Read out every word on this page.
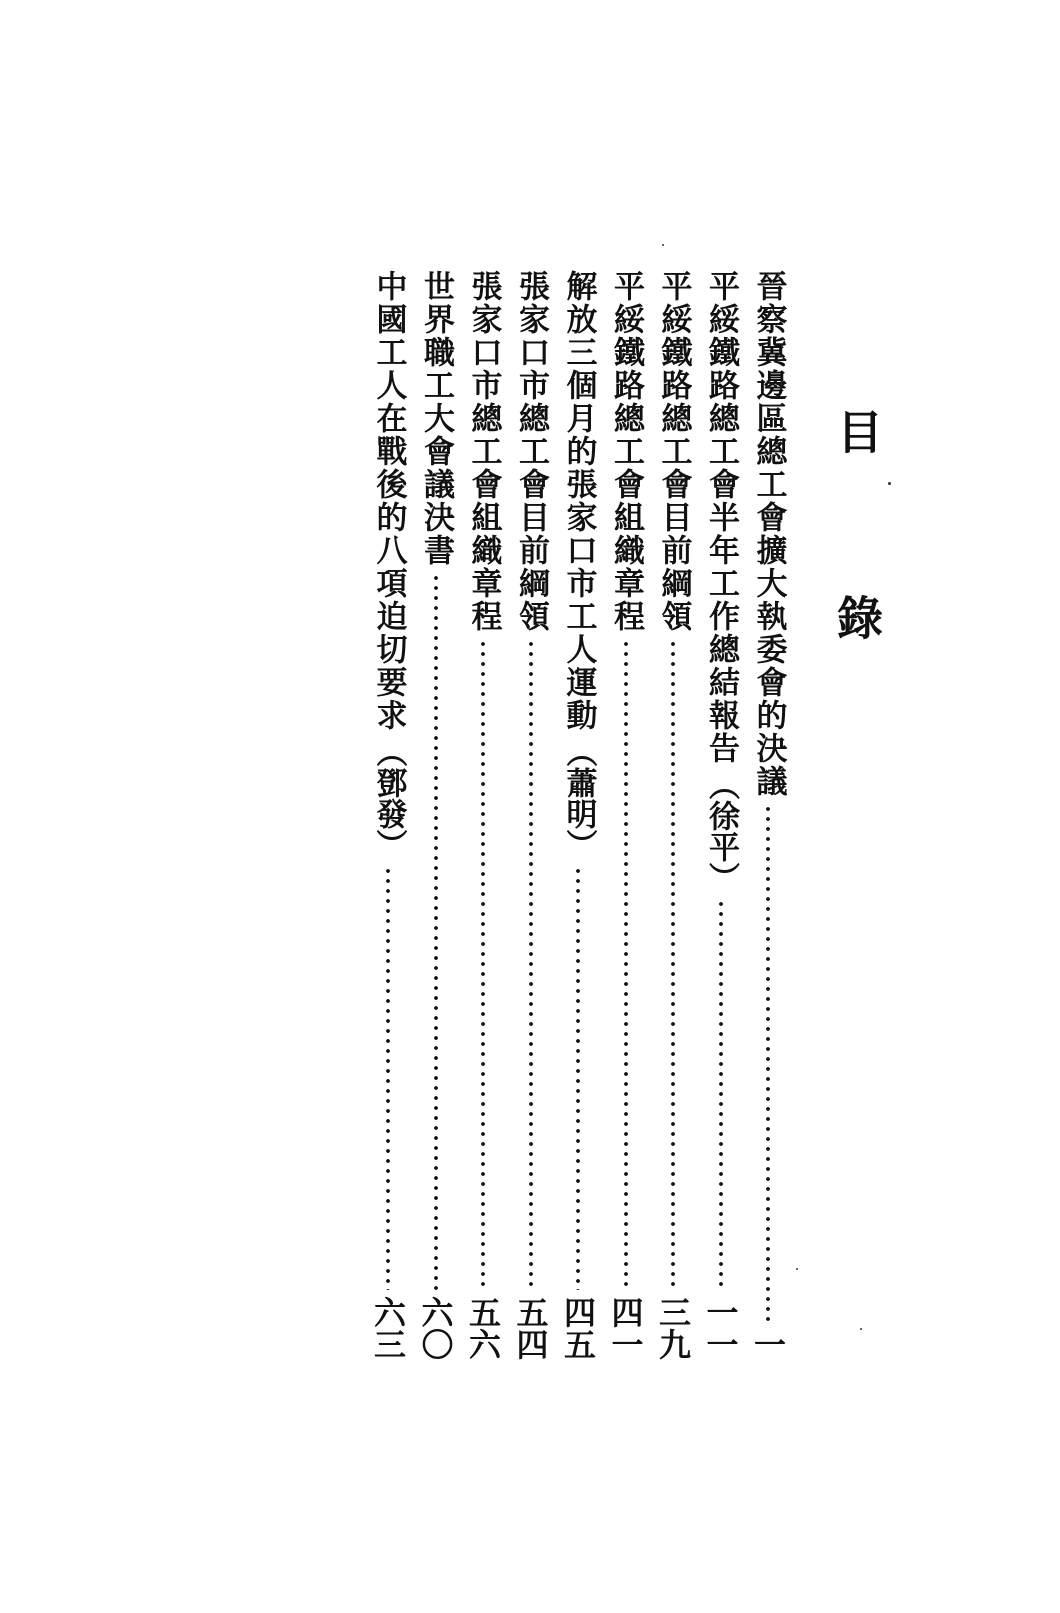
目錄
晉察冀邊區總工會擴大執委會的決議
一
平綏鐵路總工會半年工作總結報告
（徐平）
一一
平綏鐵路總工會目前綱領
三九
平綏鐵路總工會組織章程
四一
解放三個月的張家口市工人運動
（蕭明）
四五
張家口市總工會目前綱領
五四
張家口市總工會組織章程
五六
世界職工大會議決書
六〇
中國工人在戰後的八項迫切要求
（鄧發）
六三
